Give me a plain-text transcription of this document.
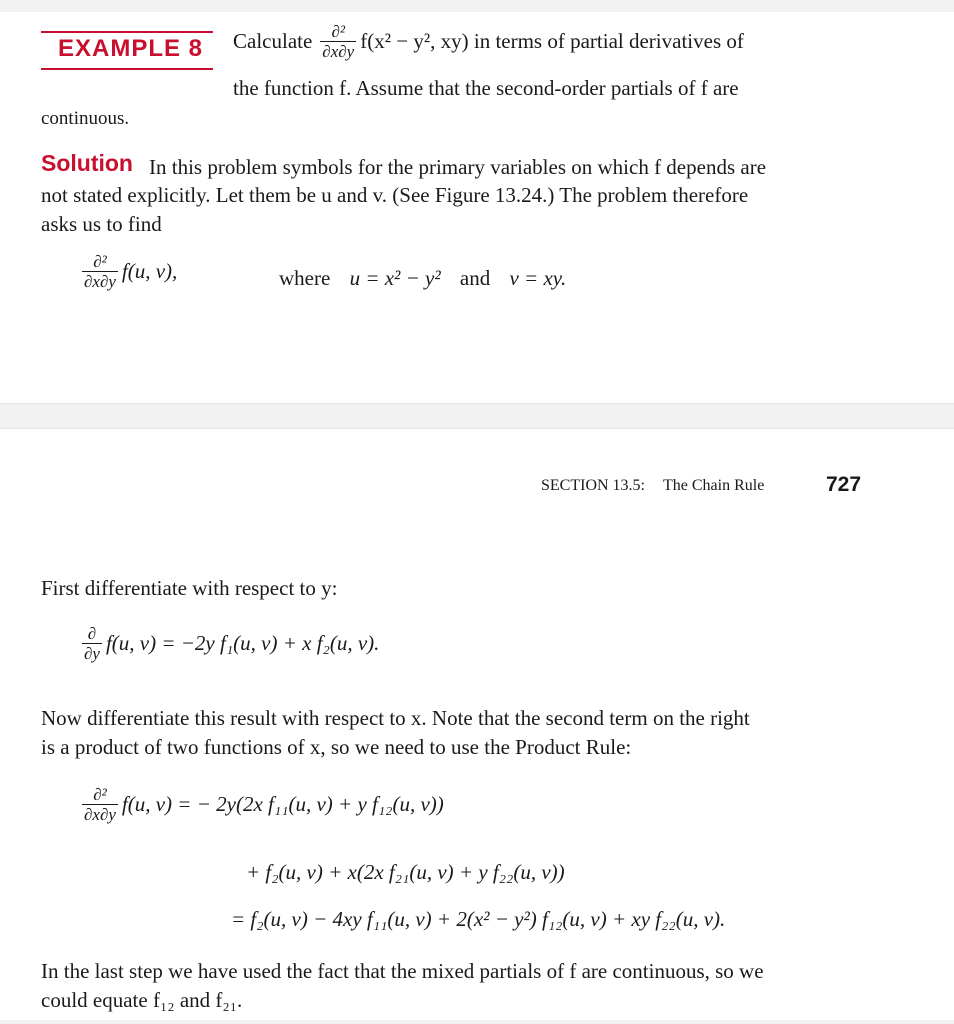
EXAMPLE 8 Calculate $\frac{\text{∂²}}{\partial x\partial y} f(x^2 - y^2$, xy) in terms of partial derivatives of
the function f. Assume that the second-order partials of f are
continuous.
Solution In this problem symbols for the primary variables on which f depends are
not stated explicitly. Let them be u and v. (See Figure 13.24.) The problem therefore
asks us to find
$\frac{\text{∂²}}{\partial x\partial y} f(u$, v),	where u = x² − y² and v = xy.
SECTION 13.5: The Chain Rule	727
First differentiate with respect to y:
$\frac{\partial}{\partial y} f(u$, v) = −2y f₁(u, v) + x f₂(u, v).
Now differentiate this result with respect to x. Note that the second term on the right
is a product of two functions of x, so we need to use the Product Rule:
$\frac{\text{∂²}}{\partial x\partial y} f(u$, v) = − 2y(2x f₁₁(u, v) + y f₁₂(u, v))
+ f₂(u, v) + x(2x f₂₁(u, v) + y f₂₂(u, v))
= f₂(u, v) − 4xy f₁₁(u, v) + 2(x² − y²) f₁₂(u, v) + xy f₂₂(u, v).
In the last step we have used the fact that the mixed partials of f are continuous, so we
could equate f₁₂ and f₂₁.
